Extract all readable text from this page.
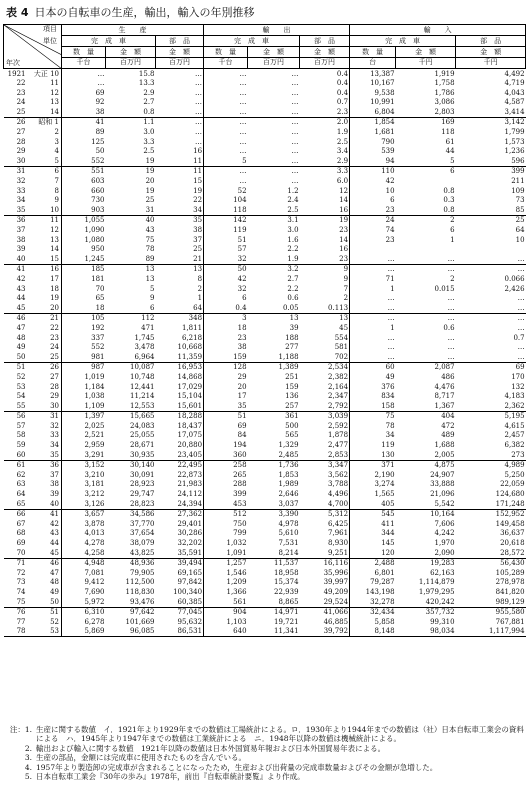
表 4 日本の自転車の生産，輸出，輸入の年別推移
項目
単位
年次		生　　産			輸　　出			輸　　入		
		完　成　車		部　品	完　成　車		部　品	完　成　車		部　品
		数　量	金　額	金　額	数　量	金　額	金　額	数　量	金　額	金　額
		千台	百万円	百万円	千台	百万円	百万円	台	千円	千円
1921	大正 10	…	15.8	…	…	…	0.4	13,387	1,919	4,492
22	11	…	13.3	…	…	…	0.4	10,167	1,758	4,719
23	12	69	2.9	…	…	…	0.4	9,538	1,786	4,043
24	13	92	2.7	…	…	…	0.7	10,991	3,086	4,587
25	14	38	0.8	…	…	…	2.3	6,804	2,803	3,414
26	昭和 1	41	1.1	…	…	…	2.0	1,854	169	3,142
27	2	89	3.0	…	…	…	1.9	1,681	118	1,799
28	3	125	3.3	…	…	…	2.5	790	61	1,573
29	4	50	2.5	16	…	…	3.4	539	44	1,236
30	5	552	19	11	5	…	2.9	94	5	596
31	6	551	19	11	…	…	3.3	110	6	399
32	7	603	20	15	…	…	6.0	42		211
33	8	660	19	19	52	1.2	12	10	0.8	109
34	9	730	25	22	104	2.4	14	6	0.3	73
35	10	903	31	34	118	2.5	16	23	0.8	85
36	11	1,055	40	35	142	3.1	19	24	2	25
37	12	1,090	43	38	119	3.0	23	74	6	64
38	13	1,080	75	37	51	1.6	14	23	1	10
39	14	950	78	25	57	2.2	16			
40	15	1,245	89	21	32	1.9	23	…	…	…
41	16	185	13	13	50	3.2	9	…	…	…
42	17	181	13	8	42	2.7	9	71	2	0.066
43	18	70	5	2	32	2.2	7	1	0.015	2,426
44	19	65	9	1	6	0.6	2	…	…	…
45	20	18	6	64	0.4	0.05	0.113	…	…	…
46	21	105	112	348	3	13	13	…	…	…
47	22	192	471	1,811	18	39	45	1	0.6	…
48	23	337	1,745	6,218	23	188	554	…	…	0.7
49	24	552	3,478	10,668	38	277	581	…	…	…
50	25	981	6,964	11,359	159	1,188	702	…	…	…
51	26	987	10,087	16,953	128	1,389	2,534	60	2,087	69
52	27	1,019	10,748	14,868	29	251	2,382	49	486	170
53	28	1,184	12,441	17,029	20	159	2,164	376	4,476	132
54	29	1,038	11,214	15,104	17	136	2,347	834	8,717	4,183
55	30	1,109	12,553	15,601	35	257	2,792	158	1,367	2,362
56	31	1,397	15,665	18,288	51	361	3,039	75	404	5,195
57	32	2,025	24,083	18,437	69	500	2,592	78	472	4,615
58	33	2,521	25,055	17,075	84	565	1,878	34	489	2,457
59	34	2,959	28,671	20,880	194	1,329	2,477	119	1,688	6,382
60	35	3,291	30,935	23,405	360	2,485	2,853	130	2,005	273
61	36	3,152	30,140	22,495	258	1,736	3,347	371	4,875	4,989
62	37	3,210	30,091	22,873	265	1,853	3,562	2,190	24,907	5,250
63	38	3,181	28,923	21,983	288	1,989	3,788	3,274	33,888	22,059
64	39	3,212	29,747	24,112	399	2,646	4,496	1,565	21,096	124,680
65	40	3,126	28,823	24,394	453	3,037	4,700	405	5,542	171,248
66	41	3,657	34,586	27,362	512	3,390	5,312	545	10,164	152,952
67	42	3,878	37,770	29,401	750	4,978	6,425	411	7,606	149,458
68	43	4,013	37,654	30,286	799	5,610	7,961	344	4,242	36,637
69	44	4,278	38,079	32,202	1,032	7,531	8,930	145	1,970	20,618
70	45	4,258	43,825	35,591	1,091	8,214	9,251	120	2,090	28,572
71	46	4,948	48,936	39,494	1,257	11,537	16,116	2,488	19,283	56,430
72	47	7,081	79,905	69,165	1,546	18,958	35,996	6,801	62,163	105,289
73	48	9,412	112,500	97,842	1,209	15,374	39,997	79,287	1,114,879	278,978
74	49	7,690	118,830	100,340	1,366	22,939	49,209	143,198	1,979,295	841,820
75	50	5,972	93,476	60,385	561	8,865	29,524	32,278	420,242	989,129
76	51	6,310	97,642	77,045	904	14,971	41,066	32,434	357,732	955,580
77	52	6,278	101,669	95,632	1,103	19,721	46,885	5,858	99,310	767,881
78	53	5,869	96,085	86,531	640	11,341	39,792	8,148	98,034	1,117,994
注：1. 生産に関する数値　イ．1921年より1929年までの数値は工場統計による。ロ．1930年より1944年までの数値は（社）日本自転車工業会の資料による　ハ．1945年より1947年までの数値は工業統計による　ニ．1948年以降の数値は機械統計による。
2. 輸出および輸入に関する数値　1921年以降の数値は日本外国貿易年報および日本外国貿易年表による。
3. 生産の部品，金額には完成車に使用されたものを含んでいる。
4. 1957年より製造卸の完成車が含まれることになったため，生産および出荷量の完成車数量およびその金額が急増した。
5. 日本自転車工業会『30年の歩み』1978年，前出『自転車統計要覧』より作成。
